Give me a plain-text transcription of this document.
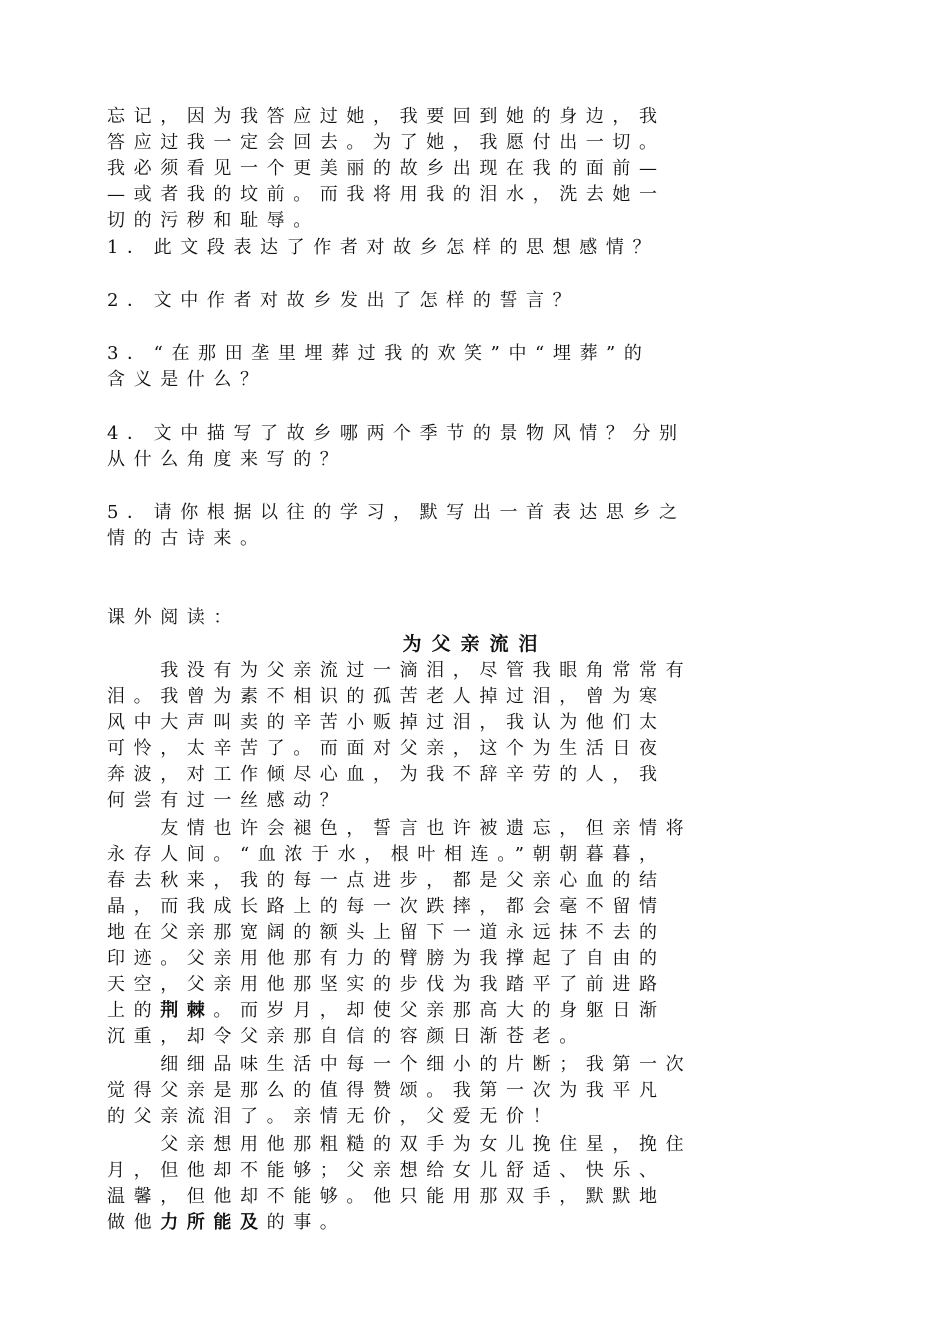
忘记，因为我答应过她，我要回到她的身边，我
答应过我一定会回去。为了她，我愿付出一切。
我必须看见一个更美丽的故乡出现在我的面前—
—或者我的坟前。而我将用我的泪水，洗去她一
切的污秽和耻辱。
1．此文段表达了作者对故乡怎样的思想感情？
2．文中作者对故乡发出了怎样的誓言？
3．“在那田垄里埋葬过我的欢笑”中“埋葬”的
含义是什么？
4．文中描写了故乡哪两个季节的景物风情？分别
从什么角度来写的？
5．请你根据以往的学习，默写出一首表达思乡之
情的古诗来。
课外阅读：
为父亲流泪
　　我没有为父亲流过一滴泪，尽管我眼角常常有
泪。我曾为素不相识的孤苦老人掉过泪，曾为寒
风中大声叫卖的辛苦小贩掉过泪，我认为他们太
可怜，太辛苦了。而面对父亲，这个为生活日夜
奔波，对工作倾尽心血，为我不辞辛劳的人，我
何尝有过一丝感动？
　　友情也许会褪色，誓言也许被遗忘，但亲情将
永存人间。“血浓于水，根叶相连。”朝朝暮暮，
春去秋来，我的每一点进步，都是父亲心血的结
晶，而我成长路上的每一次跌摔，都会毫不留情
地在父亲那宽阔的额头上留下一道永远抹不去的
印迹。父亲用他那有力的臂膀为我撑起了自由的
天空，父亲用他那坚实的步伐为我踏平了前进路
上的荆棘。而岁月，却使父亲那高大的身躯日渐
沉重，却令父亲那自信的容颜日渐苍老。
　　细细品味生活中每一个细小的片断；我第一次
觉得父亲是那么的值得赞颂。我第一次为我平凡
的父亲流泪了。亲情无价，父爱无价！
　　父亲想用他那粗糙的双手为女儿挽住星，挽住
月，但他却不能够；父亲想给女儿舒适、快乐、
温馨，但他却不能够。他只能用那双手，默默地
做他力所能及的事。
